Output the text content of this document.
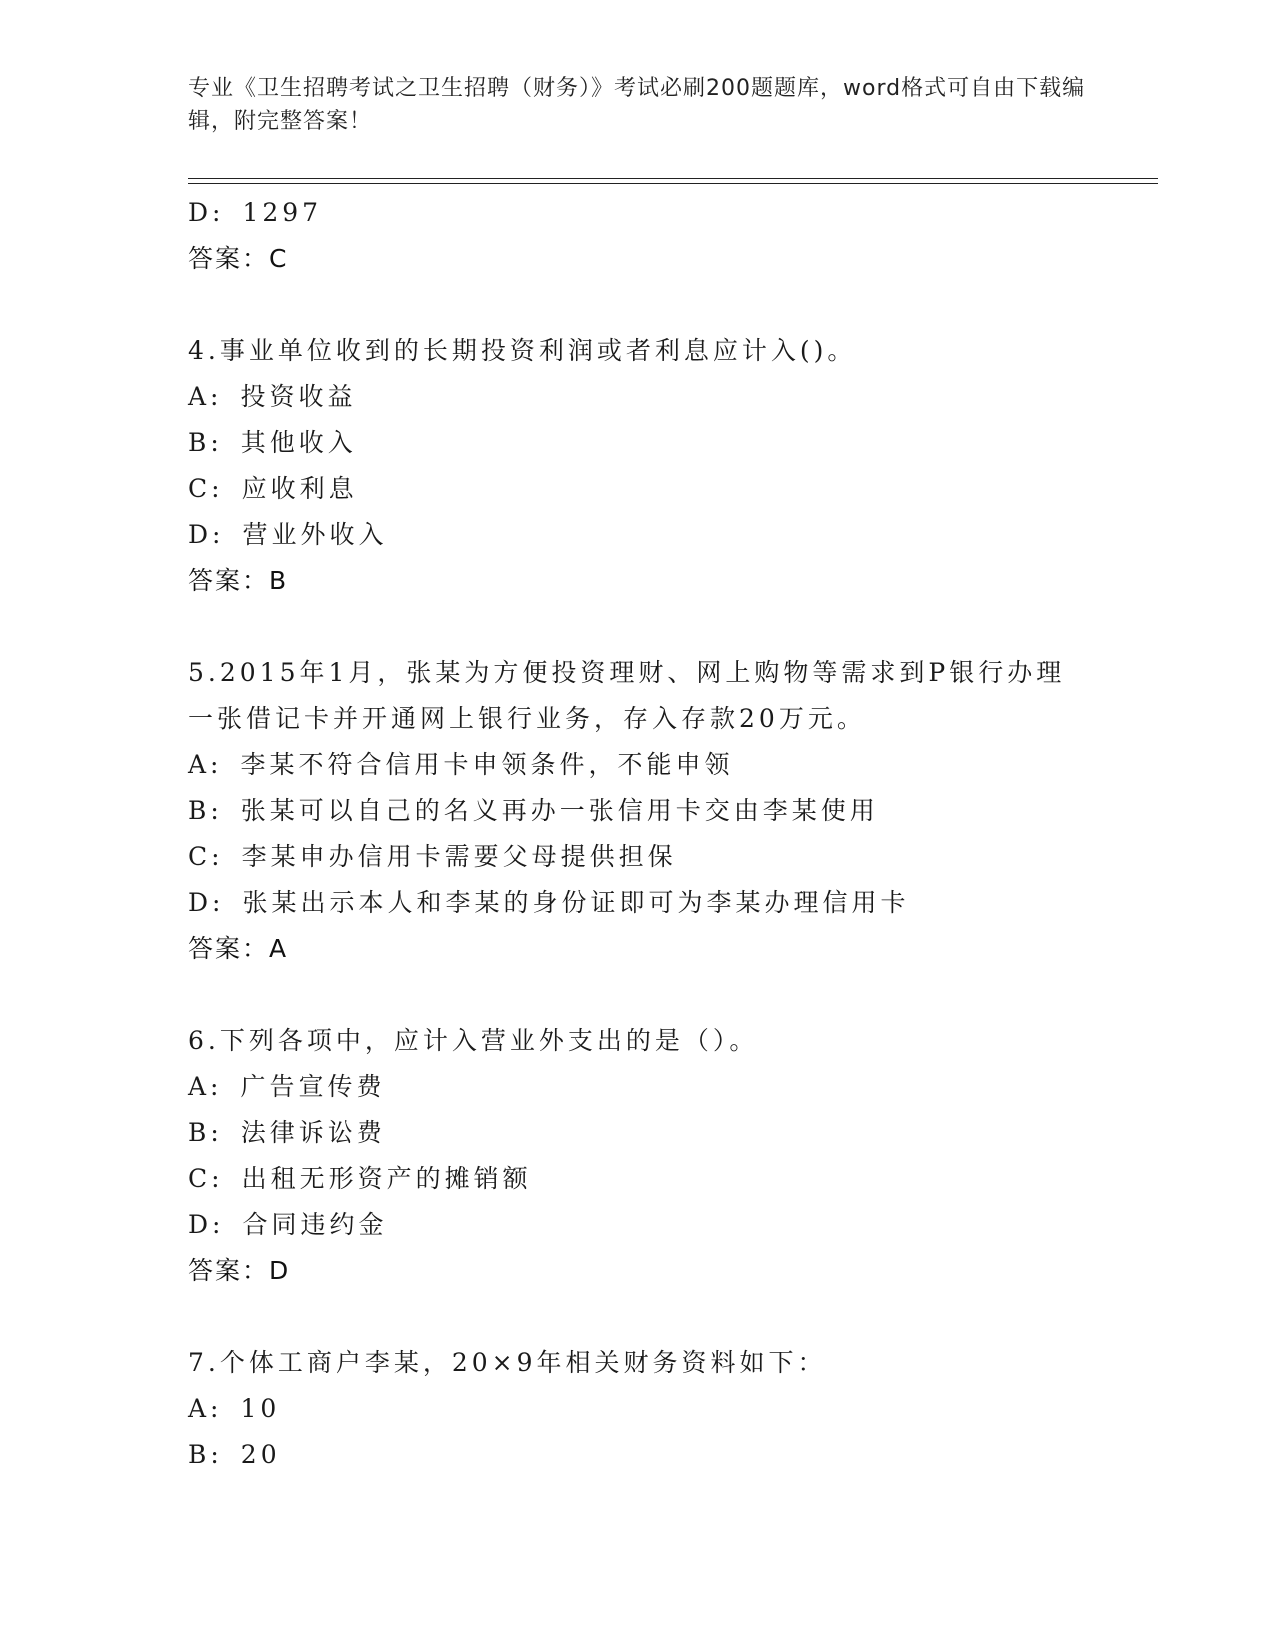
专业《卫生招聘考试之卫生招聘（财务）》考试必刷200题题库，word格式可自由下载编辑，附完整答案！
D: 1297
答案：C
4.事业单位收到的长期投资利润或者利息应计入()。
A: 投资收益
B: 其他收入
C: 应收利息
D: 营业外收入
答案：B
5.2015年1月，张某为方便投资理财、网上购物等需求到P银行办理
一张借记卡并开通网上银行业务，存入存款20万元。
A: 李某不符合信用卡申领条件，不能申领
B: 张某可以自己的名义再办一张信用卡交由李某使用
C: 李某申办信用卡需要父母提供担保
D: 张某出示本人和李某的身份证即可为李某办理信用卡
答案：A
6.下列各项中，应计入营业外支出的是（）。
A: 广告宣传费
B: 法律诉讼费
C: 出租无形资产的摊销额
D: 合同违约金
答案：D
7.个体工商户李某，20×9年相关财务资料如下：
A: 10
B: 20
